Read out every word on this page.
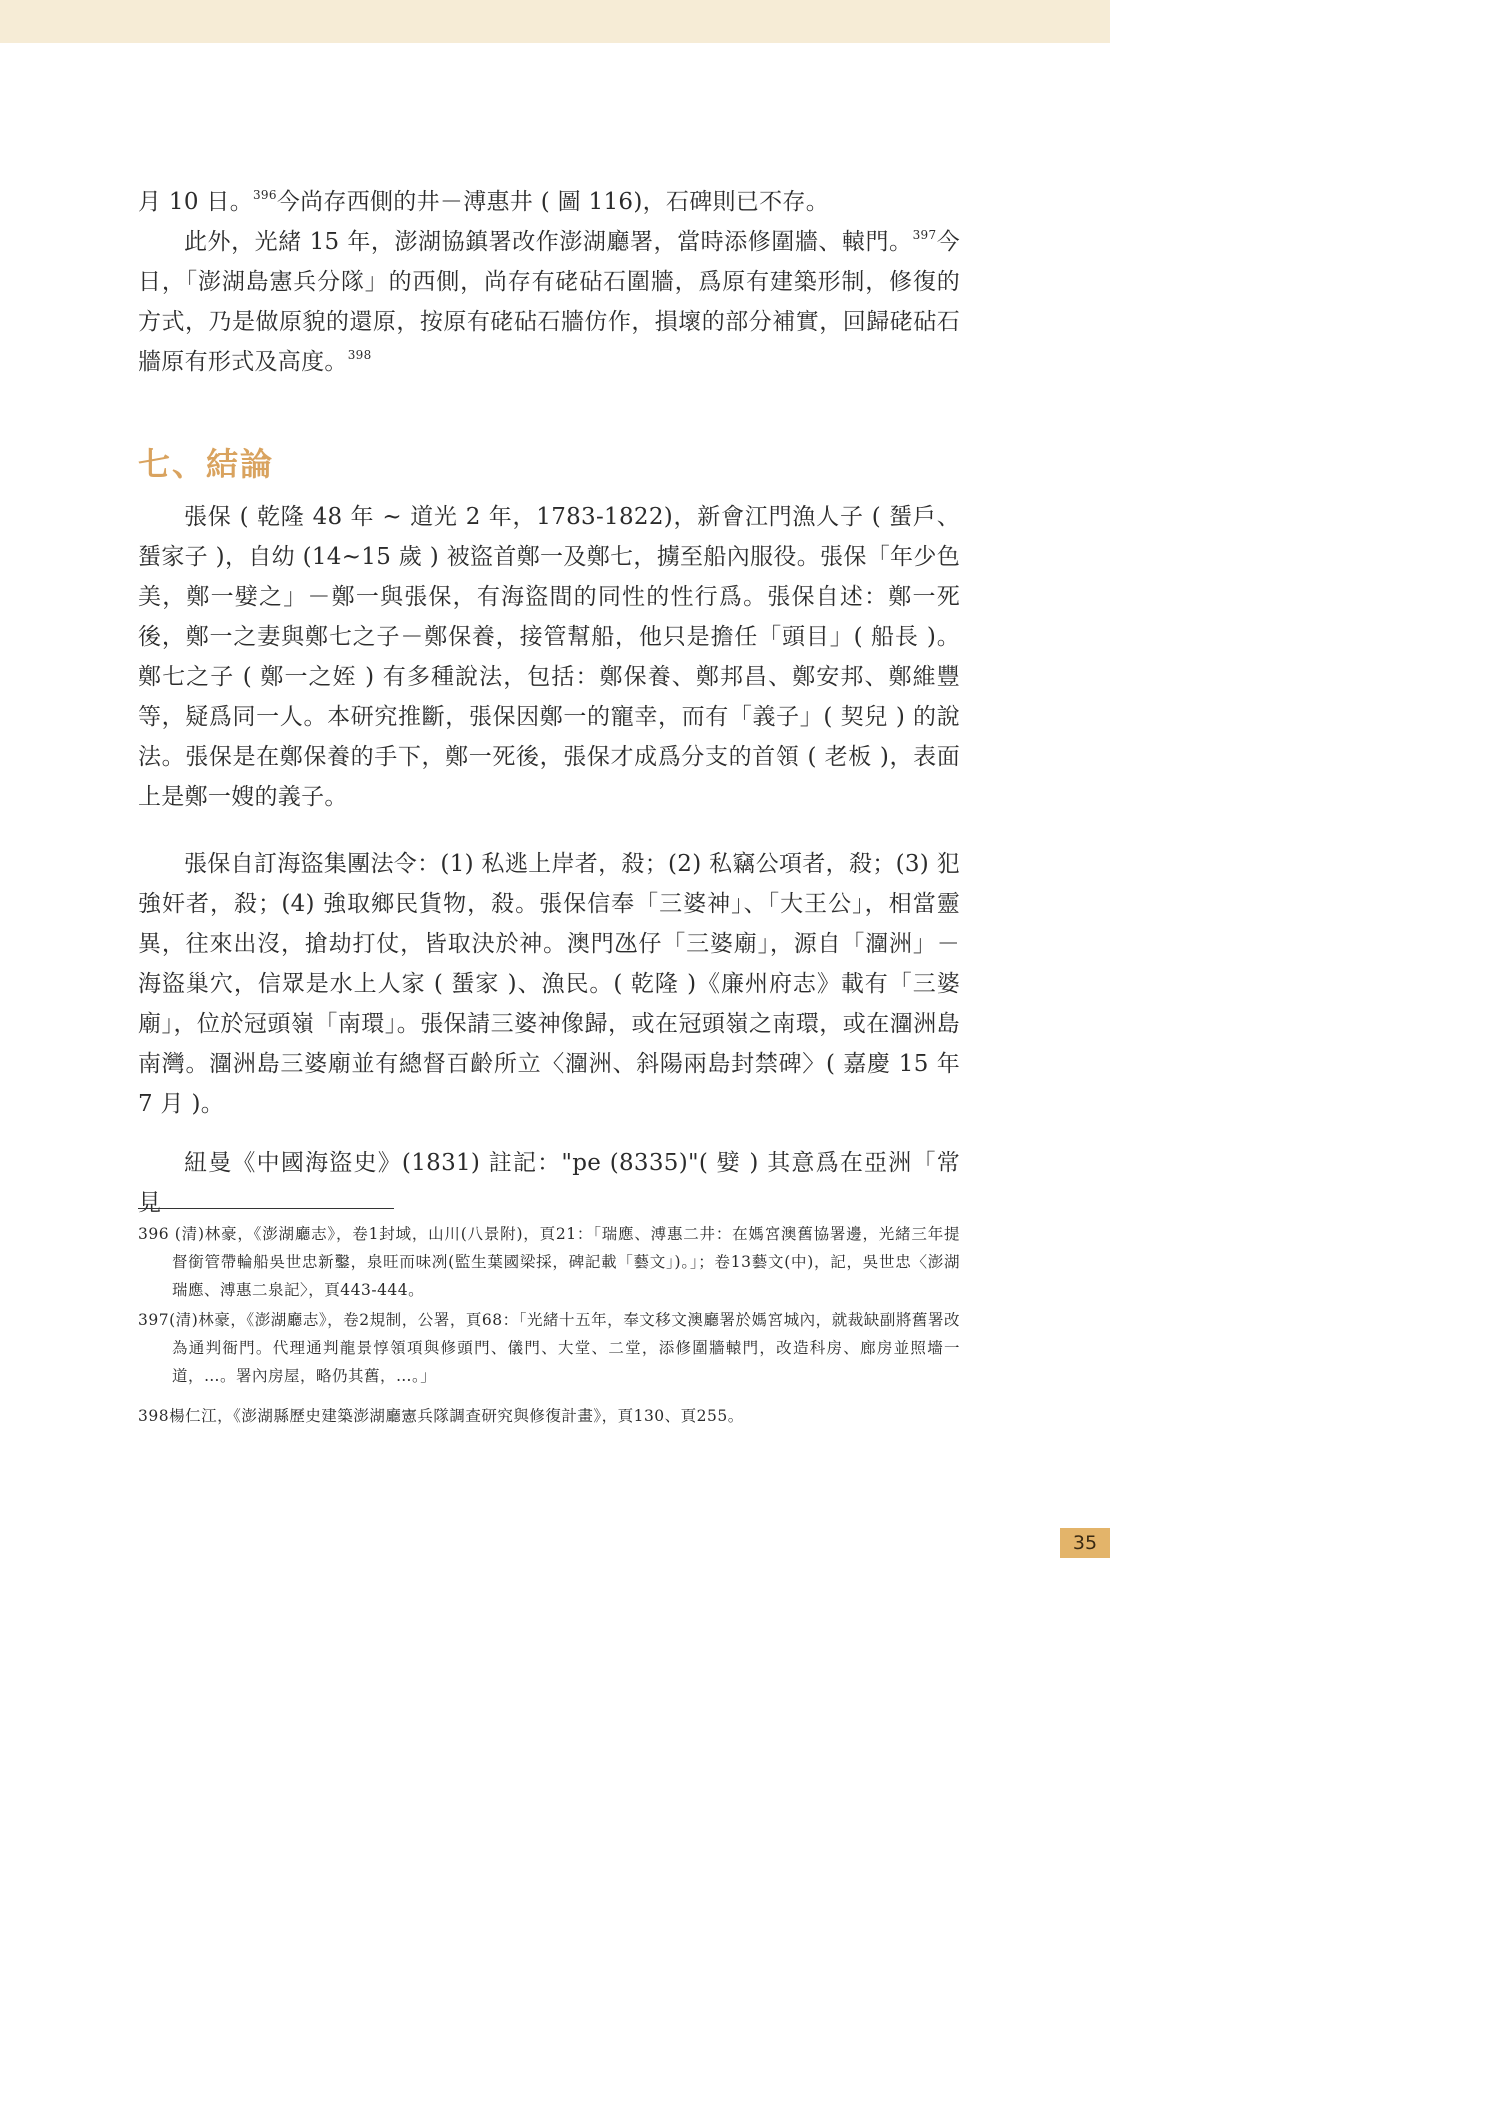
月 10 日。$^{396}$今尚存西側的井－溥惠井 ( 圖 116)，石碑則已不存。

此外，光緒 15 年，澎湖協鎮署改作澎湖廳署，當時添修圍牆、轅門。$^{397}$今日，「澎湖島憲兵分隊」的西側，尚存有硓砧石圍牆，爲原有建築形制，修復的方式，乃是做原貌的還原，按原有硓砧石牆仿作，損壞的部分補實，回歸硓砧石牆原有形式及高度。$^{398}$

七、結論

張保 ( 乾隆 48 年 ~ 道光 2 年，1783-1822)，新會江門漁人子 ( 蜑戶、蜑家子 )，自幼 (14~15 歲 ) 被盜首鄭一及鄭七，擄至船內服役。張保「年少色美，鄭一嬖之」－鄭一與張保，有海盜間的同性的性行爲。張保自述：鄭一死後，鄭一之妻與鄭七之子－鄭保養，接管幫船，他只是擔任「頭目」( 船長 )。鄭七之子 ( 鄭一之姪 ) 有多種說法，包括：鄭保養、鄭邦昌、鄭安邦、鄭維豐等，疑爲同一人。本研究推斷，張保因鄭一的寵幸，而有「義子」( 契兒 ) 的說法。張保是在鄭保養的手下，鄭一死後，張保才成爲分支的首領 ( 老板 )，表面上是鄭一嫂的義子。

張保自訂海盜集團法令：(1) 私逃上岸者，殺；(2) 私竊公項者，殺；(3) 犯強奸者，殺；(4) 強取鄉民貨物，殺。張保信奉「三婆神」、「大王公」，相當靈異，往來出沒，搶劫打仗，皆取決於神。澳門氹仔「三婆廟」，源自「潿洲」－海盜巢穴，信眾是水上人家 ( 蜑家 )、漁民。( 乾隆 )《廉州府志》載有「三婆廟」，位於冠頭嶺「南環」。張保請三婆神像歸，或在冠頭嶺之南環，或在潿洲島南灣。潿洲島三婆廟並有總督百齡所立〈潿洲、斜陽兩島封禁碑〉( 嘉慶 15 年 7 月 )。

紐曼《中國海盜史》(1831) 註記："pe (8335)"( 嬖 ) 其意爲在亞洲「常見

396 (清)林豪，《澎湖廳志》，卷1封域，山川(八景附)，頁21：「瑞應、溥惠二井：在媽宮澳舊協署邊，光緒三年提督銜管帶輪船吳世忠新鑿，泉旺而味冽(監生葉國梁採，碑記載「藝文」)。」；卷13藝文(中)，記，吳世忠〈澎湖瑞應、溥惠二泉記〉，頁443-444。

397(清)林豪，《澎湖廳志》，卷2規制，公署，頁68：「光緒十五年，奉文移文澳廳署於媽宮城內，就裁缺副將舊署改為通判衙門。代理通判龍景惇領項與修頭門、儀門、大堂、二堂，添修圍牆轅門，改造科房、廊房並照墻一道，…。署內房屋，略仍其舊，…。」

398楊仁江，《澎湖縣歷史建築澎湖廳憲兵隊調查研究與修復計畫》，頁130、頁255。

35
